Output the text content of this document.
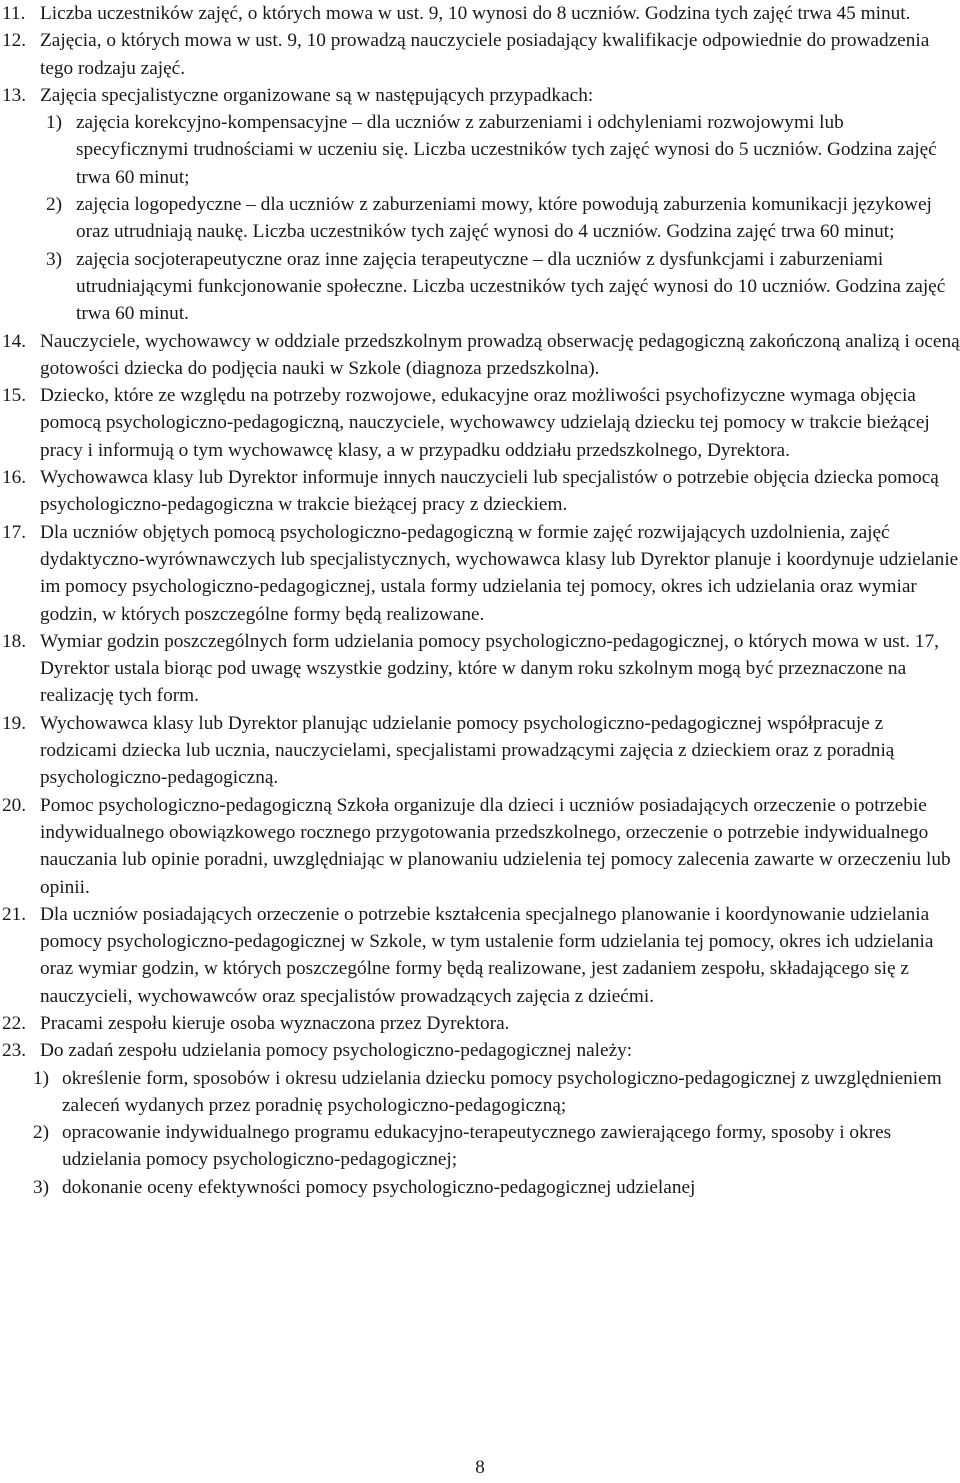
11. Liczba uczestników zajęć, o których mowa w ust. 9, 10 wynosi do 8 uczniów. Godzina tych zajęć trwa 45 minut.
12. Zajęcia, o których mowa w ust. 9, 10 prowadzą nauczyciele posiadający kwalifikacje odpowiednie do prowadzenia tego rodzaju zajęć.
13. Zajęcia specjalistyczne organizowane są w następujących przypadkach:
1) zajęcia korekcyjno-kompensacyjne – dla uczniów z zaburzeniami i odchyleniami rozwojowymi lub specyficznymi trudnościami w uczeniu się. Liczba uczestników tych zajęć wynosi do 5 uczniów. Godzina zajęć trwa 60 minut;
2) zajęcia logopedyczne – dla uczniów z zaburzeniami mowy, które powodują zaburzenia komunikacji językowej oraz utrudniają naukę. Liczba uczestników tych zajęć wynosi do 4 uczniów. Godzina zajęć trwa 60 minut;
3) zajęcia socjoterapeutyczne oraz inne zajęcia terapeutyczne – dla uczniów z dysfunkcjami i zaburzeniami utrudniającymi funkcjonowanie społeczne. Liczba uczestników tych zajęć wynosi do 10 uczniów. Godzina zajęć trwa 60 minut.
14. Nauczyciele, wychowawcy w oddziale przedszkolnym prowadzą obserwację pedagogiczną zakończoną analizą i oceną gotowości dziecka do podjęcia nauki w Szkole (diagnoza przedszkolna).
15. Dziecko, które ze względu na potrzeby rozwojowe, edukacyjne oraz możliwości psychofizyczne wymaga objęcia pomocą psychologiczno-pedagogiczną, nauczyciele, wychowawcy udzielają dziecku tej pomocy w trakcie bieżącej pracy i informują o tym wychowawcę klasy, a w przypadku oddziału przedszkolnego, Dyrektora.
16. Wychowawca klasy lub Dyrektor informuje innych nauczycieli lub specjalistów o potrzebie objęcia dziecka pomocą psychologiczno-pedagogiczna w trakcie bieżącej pracy z dzieckiem.
17. Dla uczniów objętych pomocą psychologiczno-pedagogiczną w formie zajęć rozwijających uzdolnienia, zajęć dydaktyczno-wyrównawczych lub specjalistycznych, wychowawca klasy lub Dyrektor planuje i koordynuje udzielanie im pomocy psychologiczno-pedagogicznej, ustala formy udzielania tej pomocy, okres ich udzielania oraz wymiar godzin, w których poszczególne formy będą realizowane.
18. Wymiar godzin poszczególnych form udzielania pomocy psychologiczno-pedagogicznej, o których mowa w ust. 17, Dyrektor ustala biorąc pod uwagę wszystkie godziny, które w danym roku szkolnym mogą być przeznaczone na realizację tych form.
19. Wychowawca klasy lub Dyrektor planując udzielanie pomocy psychologiczno-pedagogicznej współpracuje z rodzicami dziecka lub ucznia, nauczycielami, specjalistami prowadzącymi zajęcia z dzieckiem oraz z poradnią psychologiczno-pedagogiczną.
20. Pomoc psychologiczno-pedagogiczną Szkoła organizuje dla dzieci i uczniów posiadających orzeczenie o potrzebie indywidualnego obowiązkowego rocznego przygotowania przedszkolnego, orzeczenie o potrzebie indywidualnego nauczania lub opinie poradni, uwzględniając w planowaniu udzielenia tej pomocy zalecenia zawarte w orzeczeniu lub opinii.
21. Dla uczniów posiadających orzeczenie o potrzebie kształcenia specjalnego planowanie i koordynowanie udzielania pomocy psychologiczno-pedagogicznej w Szkole, w tym ustalenie form udzielania tej pomocy, okres ich udzielania oraz wymiar godzin, w których poszczególne formy będą realizowane, jest zadaniem zespołu, składającego się z nauczycieli, wychowawców oraz specjalistów prowadzących zajęcia z dziećmi.
22. Pracami zespołu kieruje osoba wyznaczona przez Dyrektora.
23. Do zadań zespołu udzielania pomocy psychologiczno-pedagogicznej należy:
1) określenie form, sposobów i okresu udzielania dziecku pomocy psychologiczno-pedagogicznej z uwzględnieniem zaleceń wydanych przez poradnię psychologiczno-pedagogiczną;
2) opracowanie indywidualnego programu edukacyjno-terapeutycznego zawierającego formy, sposoby i okres udzielania pomocy psychologiczno-pedagogicznej;
3) dokonanie oceny efektywności pomocy psychologiczno-pedagogicznej udzielanej
8
